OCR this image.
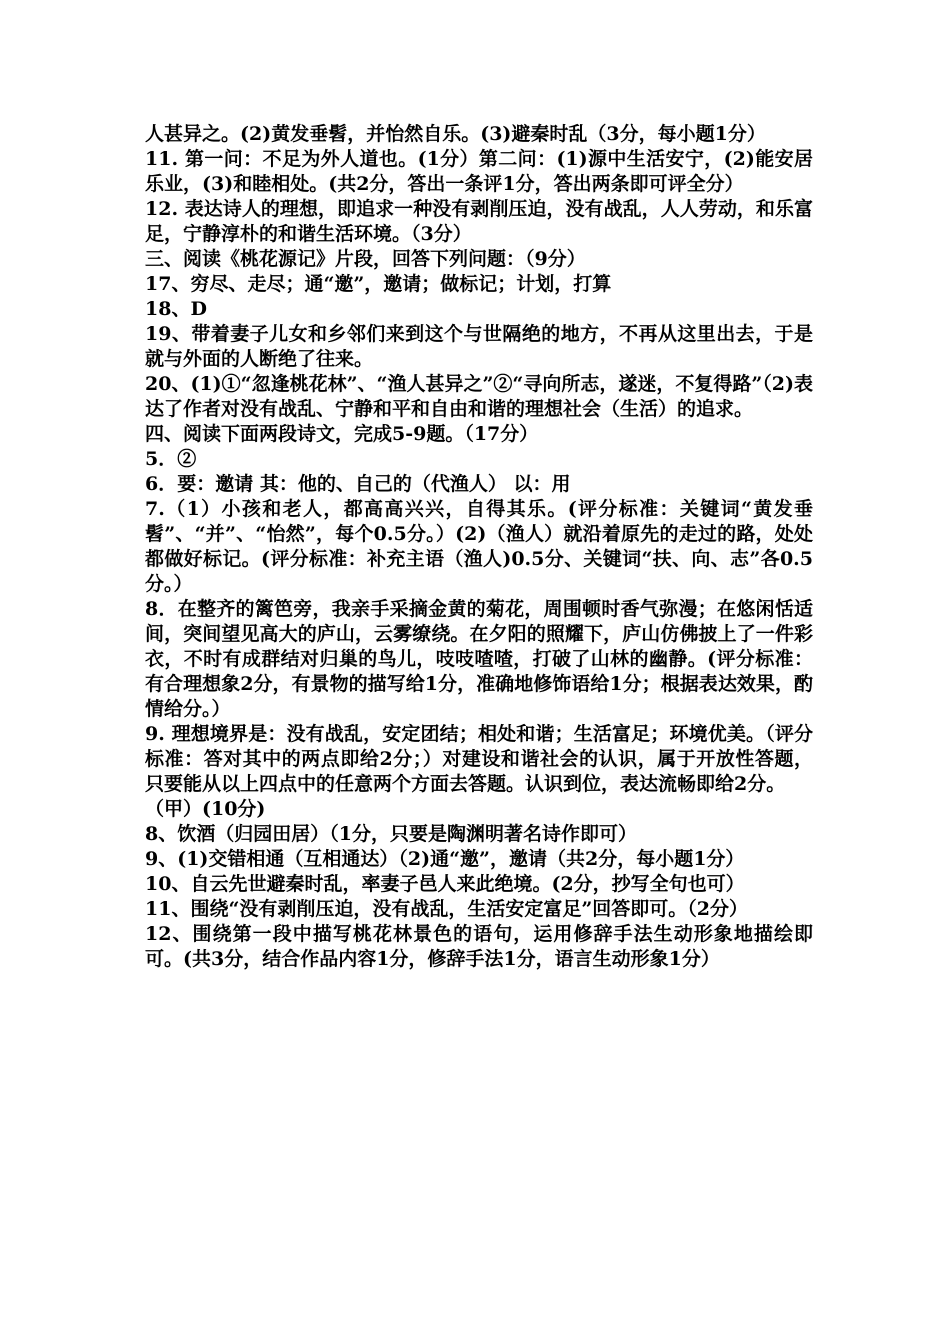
人甚异之。(2)黄发垂髫，并怡然自乐。(3)避秦时乱（3分，每小题1分）

11. 第一问：不足为外人道也。(1分）第二问：(1)源中生活安宁，(2)能安居乐业，(3)和睦相处。(共2分，答出一条评1分，答出两条即可评全分）

12. 表达诗人的理想，即追求一种没有剥削压迫，没有战乱，人人劳动，和乐富足，宁静淳朴的和谐生活环境。（3分）

三、阅读《桃花源记》片段，回答下列问题：（9分）

17、穷尽、走尽；通“邀”，邀请；做标记；计划，打算

18、D

19、带着妻子儿女和乡邻们来到这个与世隔绝的地方，不再从这里出去，于是就与外面的人断绝了往来。

20、(1)①“忽逢桃花林”、“渔人甚异之”②“寻向所志，遂迷，不复得路”（2)表达了作者对没有战乱、宁静和平和自由和谐的理想社会（生活）的追求。

四、阅读下面两段诗文，完成5-9题。（17分）

5．②

6．要：邀请 其：他的、自己的（代渔人） 以：用

7.（1）小孩和老人，都高高兴兴，自得其乐。(评分标准：关键词“黄发垂髫”、“并”、“怡然”，每个0.5分。）(2)（渔人）就沿着原先的走过的路，处处都做好标记。(评分标准：补充主语（渔人)0.5分、关键词“扶、向、志”各0.5分。）

8．在整齐的篱笆旁，我亲手采摘金黄的菊花，周围顿时香气弥漫；在悠闲恬适间，突间望见高大的庐山，云雾缭绕。在夕阳的照耀下，庐山仿佛披上了一件彩衣，不时有成群结对归巢的鸟儿，吱吱喳喳，打破了山林的幽静。(评分标准：有合理想象2分，有景物的描写给1分，准确地修饰语给1分；根据表达效果，酌情给分。）

9. 理想境界是：没有战乱，安定团结；相处和谐；生活富足；环境优美。（评分标准：答对其中的两点即给2分；）对建设和谐社会的认识，属于开放性答题，只要能从以上四点中的任意两个方面去答题。认识到位，表达流畅即给2分。

（甲）(10分)

8、饮酒（归园田居）（1分，只要是陶渊明著名诗作即可）

9、(1)交错相通（互相通达）（2)通“邀”，邀请（共2分，每小题1分）

10、自云先世避秦时乱，率妻子邑人来此绝境。(2分，抄写全句也可）

11、围绕“没有剥削压迫，没有战乱，生活安定富足”回答即可。（2分）

12、围绕第一段中描写桃花林景色的语句，运用修辞手法生动形象地描绘即可。(共3分，结合作品内容1分，修辞手法1分，语言生动形象1分）
